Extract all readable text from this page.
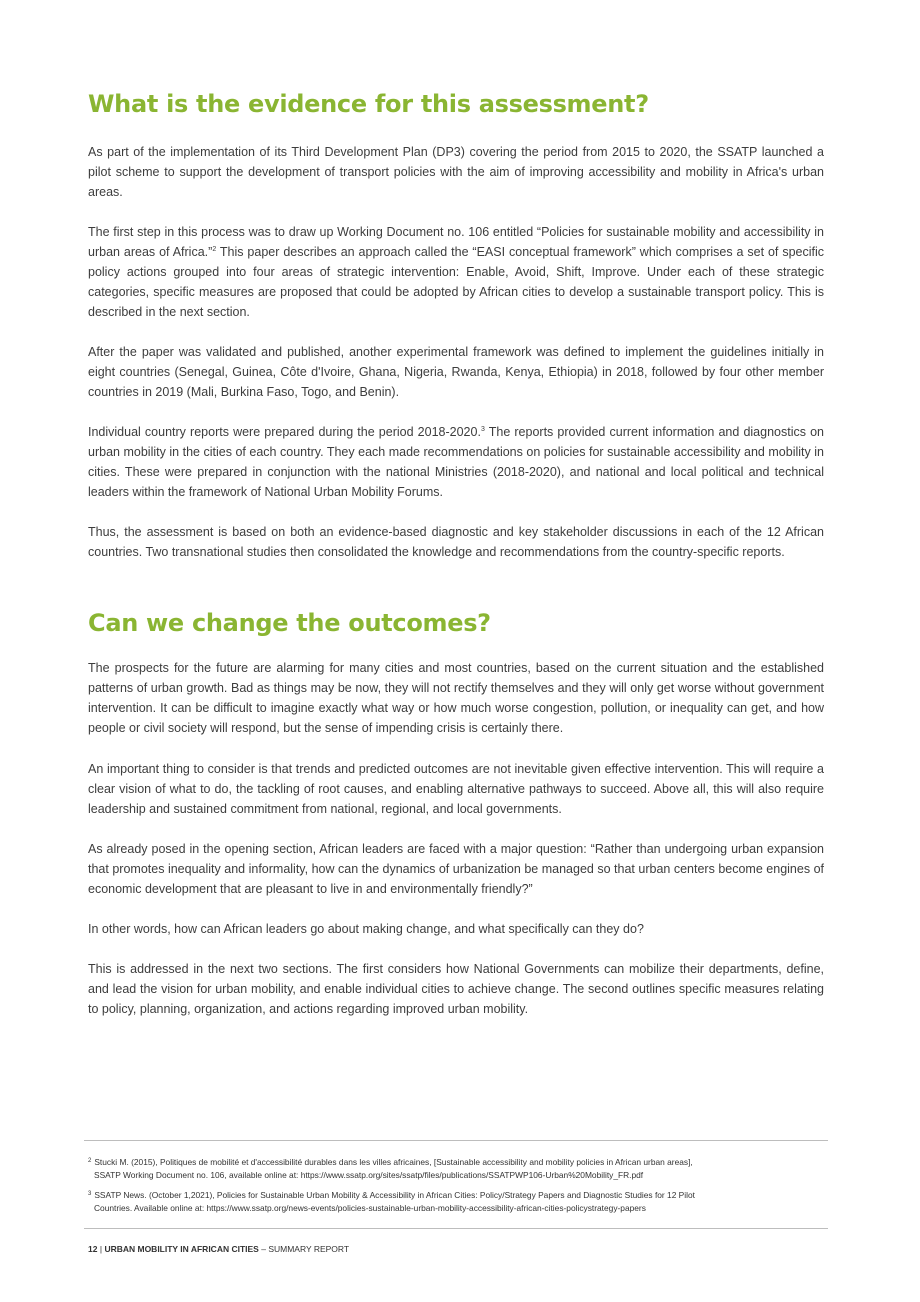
What is the evidence for this assessment?

As part of the implementation of its Third Development Plan (DP3) covering the period from 2015 to 2020, the SSATP launched a pilot scheme to support the development of transport policies with the aim of improving accessibility and mobility in Africa's urban areas.

The first step in this process was to draw up Working Document no. 106 entitled “Policies for sustainable mobility and accessibility in urban areas of Africa.”$^2$ This paper describes an approach called the “EASI conceptual framework” which comprises a set of specific policy actions grouped into four areas of strategic intervention: Enable, Avoid, Shift, Improve. Under each of these strategic categories, specific measures are proposed that could be adopted by African cities to develop a sustainable transport policy. This is described in the next section.

After the paper was validated and published, another experimental framework was defined to implement the guidelines initially in eight countries (Senegal, Guinea, Côte d'Ivoire, Ghana, Nigeria, Rwanda, Kenya, Ethiopia) in 2018, followed by four other member countries in 2019 (Mali, Burkina Faso, Togo, and Benin).

Individual country reports were prepared during the period 2018-2020.$^3$ The reports provided current information and diagnostics on urban mobility in the cities of each country. They each made recommendations on policies for sustainable accessibility and mobility in cities. These were prepared in conjunction with the national Ministries (2018-2020), and national and local political and technical leaders within the framework of National Urban Mobility Forums.

Thus, the assessment is based on both an evidence-based diagnostic and key stakeholder discussions in each of the 12 African countries. Two transnational studies then consolidated the knowledge and recommendations from the country-specific reports.

Can we change the outcomes?

The prospects for the future are alarming for many cities and most countries, based on the current situation and the established patterns of urban growth. Bad as things may be now, they will not rectify themselves and they will only get worse without government intervention. It can be difficult to imagine exactly what way or how much worse congestion, pollution, or inequality can get, and how people or civil society will respond, but the sense of impending crisis is certainly there.

An important thing to consider is that trends and predicted outcomes are not inevitable given effective intervention. This will require a clear vision of what to do, the tackling of root causes, and enabling alternative pathways to succeed. Above all, this will also require leadership and sustained commitment from national, regional, and local governments.

As already posed in the opening section, African leaders are faced with a major question: “Rather than undergoing urban expansion that promotes inequality and informality, how can the dynamics of urbanization be managed so that urban centers become engines of economic development that are pleasant to live in and environmentally friendly?”

In other words, how can African leaders go about making change, and what specifically can they do?

This is addressed in the next two sections. The first considers how National Governments can mobilize their departments, define, and lead the vision for urban mobility, and enable individual cities to achieve change. The second outlines specific measures relating to policy, planning, organization, and actions regarding improved urban mobility.

$^2$ Stucki M. (2015), Politiques de mobilité et d'accessibilité durables dans les villes africaines, [Sustainable accessibility and mobility policies in African urban areas],
SSATP Working Document no. 106, available online at: https://www.ssatp.org/sites/ssatp/files/publications/SSATPWP106-Urban%20Mobility_FR.pdf
$^3$ SSATP News. (October 1,2021), Policies for Sustainable Urban Mobility & Accessibility in African Cities: Policy/Strategy Papers and Diagnostic Studies for 12 Pilot
Countries. Available online at: https://www.ssatp.org/news-events/policies-sustainable-urban-mobility-accessibility-african-cities-policystrategy-papers
12 | URBAN MOBILITY IN AFRICAN CITIES – SUMMARY REPORT
